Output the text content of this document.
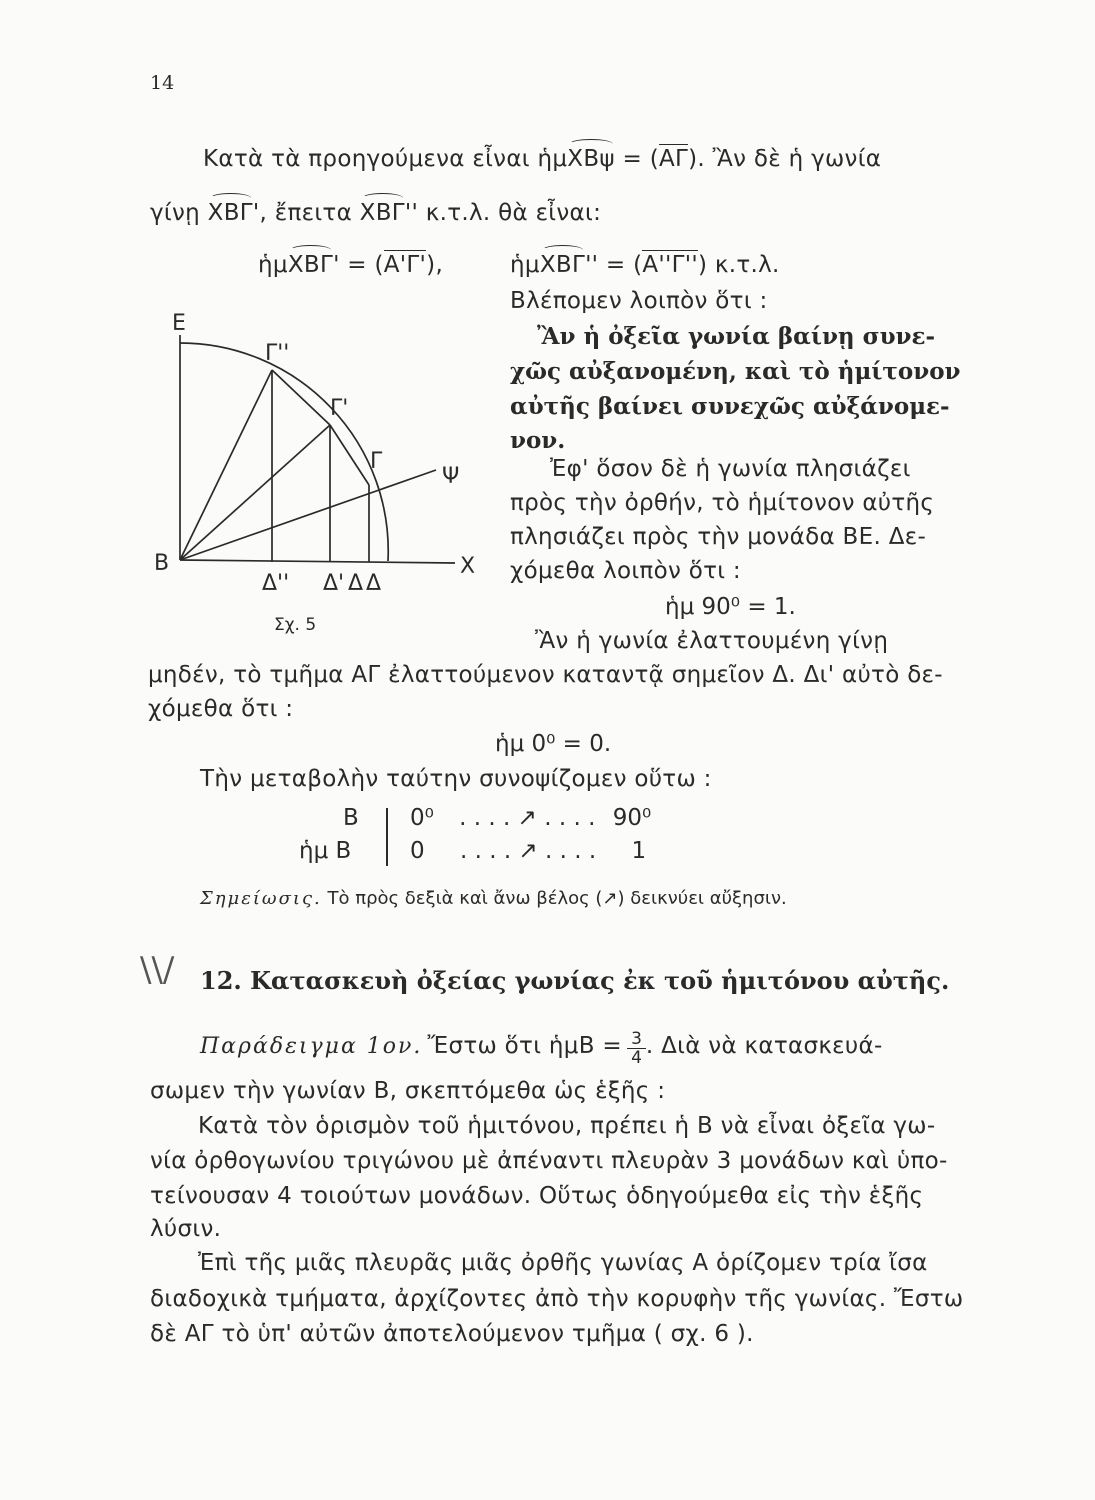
14
Κατὰ τὰ προηγούμενα εἶναι ἡμΧΒψ = (ΑΓ). Ἂν δὲ ἡ γωνία
γίνῃ ΧΒΓ', ἔπειτα ΧΒΓ'' κ.τ.λ. θὰ εἶναι:
ἡμΧΒΓ' = (Α'Γ'),	ἡμΧΒΓ'' = (Α''Γ'') κ.τ.λ.
Ε
Γ''
Γ'
Γ
Ψ
Β	Χ
Δ'' Δ' Δ Δ
Σχ. 5
Βλέπομεν λοιπὸν ὅτι :
Ἂν ἡ ὀξεῖα γωνία βαίνῃ συνε-
χῶς αὐξανομένη, καὶ τὸ ἡμίτονον
αὐτῆς βαίνει συνεχῶς αὐξάνομε-
νον.
Ἐφ' ὅσον δὲ ἡ γωνία πλησιάζει
πρὸς τὴν ὀρθήν, τὸ ἡμίτονον αὐτῆς
πλησιάζει πρὸς τὴν μονάδα ΒΕ. Δε-
χόμεθα λοιπὸν ὅτι :
ἡμ 90⁰ = 1.
Ἂν ἡ γωνία ἐλαττουμένη γίνῃ
μηδέν, τὸ τμῆμα ΑΓ ἐλαττούμενον καταντᾷ σημεῖον Δ. Δι' αὐτὸ δε-
χόμεθα ὅτι :
ἡμ 0⁰ = 0.
Τὴν μεταβολὴν ταύτην συνοψίζομεν οὕτω :
Β
ἡμ Β
0⁰ . . . . ↗ . . . . 90⁰
0 . . . . ↗ . . . . 1
Σημείωσις. Τὸ πρὸς δεξιὰ καὶ ἄνω βέλος (↗) δεικνύει αὔξησιν.
\\/ 12. Κατασκευὴ ὀξείας γωνίας ἐκ τοῦ ἡμιτόνου αὐτῆς.
Παράδειγμα 1ον. Ἔστω ὅτι ἡμΒ = $\frac{3}{4}$ . Διὰ νὰ κατασκευά-
σωμεν τὴν γωνίαν Β, σκεπτόμεθα ὡς ἑξῆς :
Κατὰ τὸν ὁρισμὸν τοῦ ἡμιτόνου, πρέπει ἡ Β νὰ εἶναι ὀξεῖα γω-
νία ὀρθογωνίου τριγώνου μὲ ἀπέναντι πλευρὰν 3 μονάδων καὶ ὑπο-
τείνουσαν 4 τοιούτων μονάδων. Οὕτως ὁδηγούμεθα εἰς τὴν ἑξῆς
λύσιν.
Ἐπὶ τῆς μιᾶς πλευρᾶς μιᾶς ὀρθῆς γωνίας Α ὁρίζομεν τρία ἴσα
διαδοχικὰ τμήματα, ἀρχίζοντες ἀπὸ τὴν κορυφὴν τῆς γωνίας. Ἔστω
δὲ ΑΓ τὸ ὑπ' αὐτῶν ἀποτελούμενον τμῆμα ( σχ. 6 ).
